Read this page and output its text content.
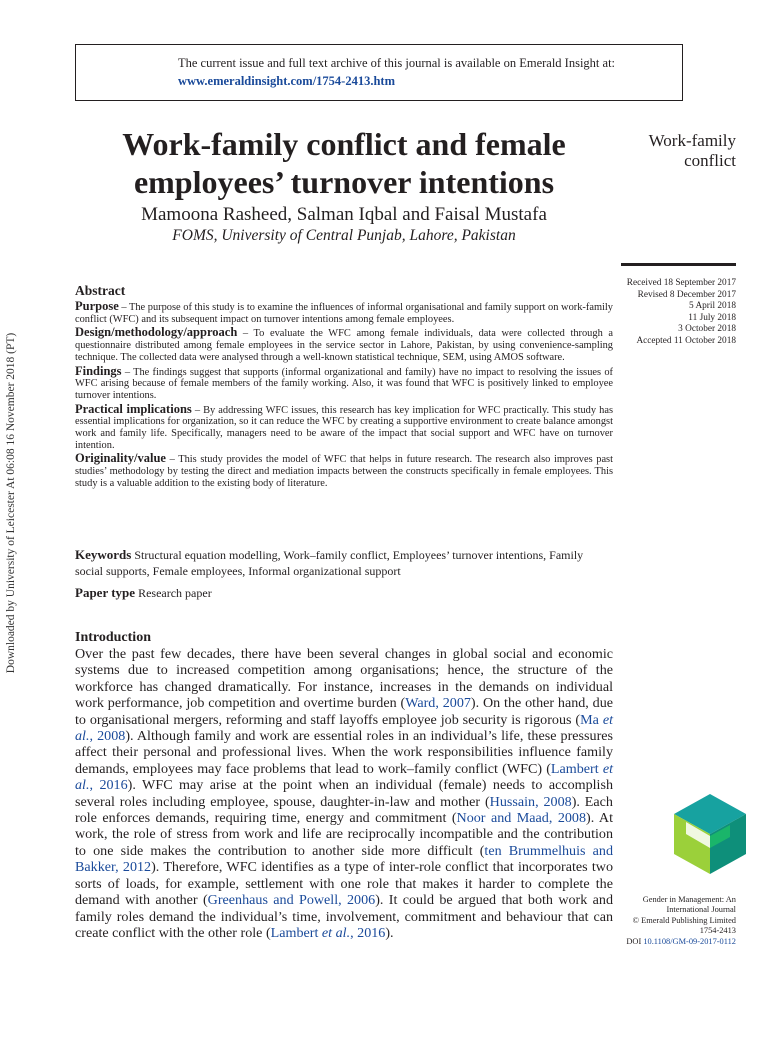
Downloaded by University of Leicester At 06:08 16 November 2018 (PT)
The current issue and full text archive of this journal is available on Emerald Insight at:
www.emeraldinsight.com/1754-2413.htm
Work-family conflict and female employees’ turnover intentions
Mamoona Rasheed, Salman Iqbal and Faisal Mustafa
FOMS, University of Central Punjab, Lahore, Pakistan
Work-family
conflict
Received 18 September 2017
Revised 8 December 2017
5 April 2018
11 July 2018
3 October 2018
Accepted 11 October 2018
Abstract

Purpose – The purpose of this study is to examine the influences of informal organisational and family support on work-family conflict (WFC) and its subsequent impact on turnover intentions among female employees.

Design/methodology/approach – To evaluate the WFC among female individuals, data were collected through a questionnaire distributed among female employees in the service sector in Lahore, Pakistan, by using convenience-sampling technique. The collected data were analysed through a well-known statistical technique, SEM, using AMOS software.

Findings – The findings suggest that supports (informal organizational and family) have no impact to resolving the issues of WFC arising because of female members of the family working. Also, it was found that WFC is positively linked to employee turnover intentions.

Practical implications – By addressing WFC issues, this research has key implication for WFC practically. This study has essential implications for organization, so it can reduce the WFC by creating a supportive environment to create balance amongst work and family life. Specifically, managers need to be aware of the impact that social support and WFC have on turnover intention.

Originality/value – This study provides the model of WFC that helps in future research. The research also improves past studies’ methodology by testing the direct and mediation impacts between the constructs specifically in female employees. This study is a valuable addition to the existing body of literature.

Keywords Structural equation modelling, Work–family conflict, Employees’ turnover intentions, Family social supports, Female employees, Informal organizational support
Paper type Research paper
Introduction

Over the past few decades, there have been several changes in global social and economic systems due to increased competition among organisations; hence, the structure of the workforce has changed dramatically. For instance, increases in the demands on individual work performance, job competition and overtime burden (Ward, 2007). On the other hand, due to organisational mergers, reforming and staff layoffs employee job security is rigorous (Ma et al., 2008). Although family and work are essential roles in an individual’s life, these pressures affect their personal and professional lives. When the work responsibilities influence family demands, employees may face problems that lead to work–family conflict (WFC) (Lambert et al., 2016). WFC may arise at the point when an individual (female) needs to accomplish several roles including employee, spouse, daughter-in-law and mother (Hussain, 2008). Each role enforces demands, requiring time, energy and commitment (Noor and Maad, 2008). At work, the role of stress from work and life are reciprocally incompatible and the contribution to one side makes the contribution to another side more difficult (ten Brummelhuis and Bakker, 2012). Therefore, WFC identifies as a type of inter-role conflict that incorporates two sorts of loads, for example, settlement with one role that makes it harder to complete the demand with another (Greenhaus and Powell, 2006). It could be argued that both work and family roles demand the individual’s time, involvement, commitment and behaviour that can create conflict with the other role (Lambert et al., 2016).

Gender in Management: An
International Journal
© Emerald Publishing Limited
1754-2413
DOI 10.1108/GM-09-2017-0112
